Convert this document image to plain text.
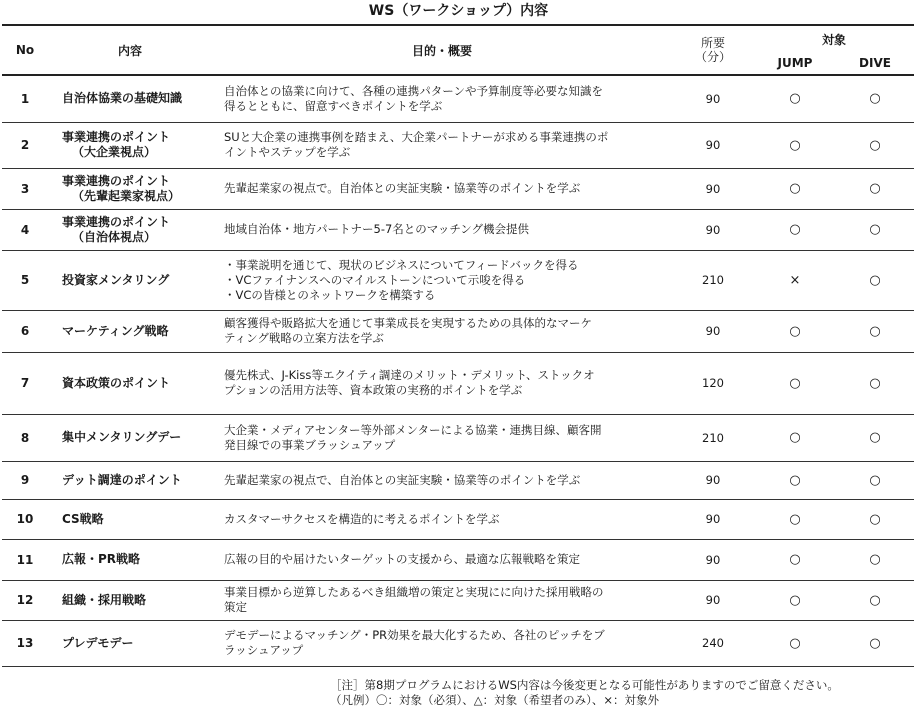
WS（ワークショップ）内容
No	内容	目的・概要	所要
（分）	対象	
				JUMP	DIVE
1	自治体協業の基礎知識	自治体との協業に向けて、各種の連携パターンや予算制度等必要な知識を
得るとともに、留意すべきポイントを学ぶ	90	○	○
2	事業連携のポイント
（大企業視点）	SUと大企業の連携事例を踏まえ、大企業パートナーが求める事業連携のポ
イントやステップを学ぶ	90	○	○
3	事業連携のポイント
（先輩起業家視点）	先輩起業家の視点で。自治体との実証実験・協業等のポイントを学ぶ	90	○	○
4	事業連携のポイント
（自治体視点）	地域自治体・地方パートナー5-7名とのマッチング機会提供	90	○	○
5	投資家メンタリング	・事業説明を通じて、現状のビジネスについてフィードバックを得る
・VCファイナンスへのマイルストーンについて示唆を得る
・VCの皆様とのネットワークを構築する	210	×	○
6	マーケティング戦略	顧客獲得や販路拡大を通じて事業成長を実現するための具体的なマーケ
ティング戦略の立案方法を学ぶ	90	○	○
7	資本政策のポイント	優先株式、J-Kiss等エクイティ調達のメリット・デメリット、ストックオ
プションの活用方法等、資本政策の実務的ポイントを学ぶ	120	○	○
8	集中メンタリングデー	大企業・メディアセンター等外部メンターによる協業・連携目線、顧客開
発目線での事業ブラッシュアップ	210	○	○
9	デット調達のポイント	先輩起業家の視点で、自治体との実証実験・協業等のポイントを学ぶ	90	○	○
10	CS戦略	カスタマーサクセスを構造的に考えるポイントを学ぶ	90	○	○
11	広報・PR戦略	広報の目的や届けたいターゲットの支援から、最適な広報戦略を策定	90	○	○
12	組織・採用戦略	事業目標から逆算したあるべき組織増の策定と実現にに向けた採用戦略の
策定	90	○	○
13	プレデモデー	デモデーによるマッチング・PR効果を最大化するため、各社のピッチをブ
ラッシュアップ	240	○	○
［注］第8期プログラムにおけるWS内容は今後変更となる可能性がありますのでご留意ください。
（凡例）〇：対象（必須）、△：対象（希望者のみ）、×：対象外
